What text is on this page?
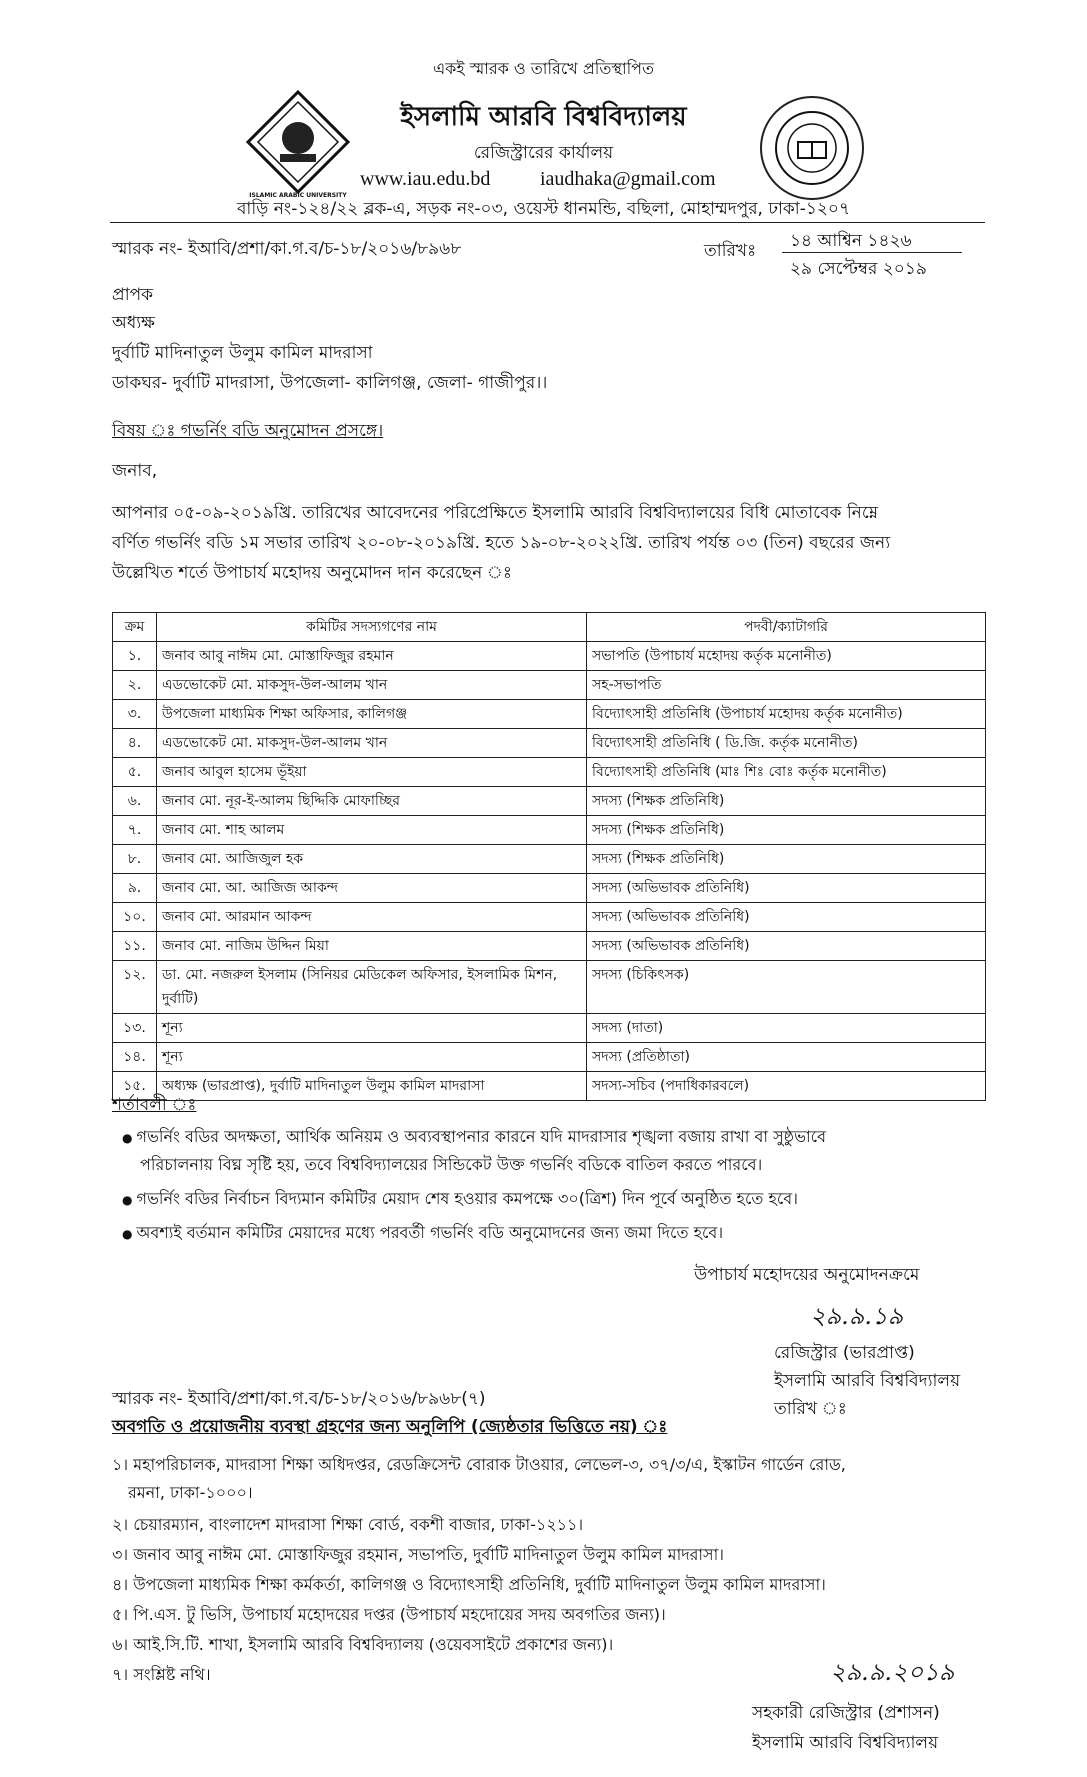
একই স্মারক ও তারিখে প্রতিস্থাপিত
ইসলামি আরবি বিশ্ববিদ্যালয়
রেজিস্ট্রারের কার্যালয়
www.iau.edu.bd iaudhaka@gmail.com
বাড়ি নং-১২৪/২২ ব্লক-এ, সড়ক নং-০৩, ওয়েস্ট ধানমন্ডি, বছিলা, মোহাম্মদপুর, ঢাকা-১২০৭
ISLAMIC ARABIC UNIVERSITY
স্মারক নং- ইআবি/প্রশা/কা.গ.ব/চ-১৮/২০১৬/৮৯৬৮	তারিখঃ ১৪ আশ্বিন ১৪২৬
২৯ সেপ্টেম্বর ২০১৯
প্রাপক
অধ্যক্ষ
দুর্বাটি মাদিনাতুল উলুম কামিল মাদরাসা
ডাকঘর- দুর্বাটি মাদরাসা, উপজেলা- কালিগঞ্জ, জেলা- গাজীপুর।।
বিষয় ঃ গভর্নিং বডি অনুমোদন প্রসঙ্গে।
জনাব,
আপনার ০৫-০৯-২০১৯খ্রি. তারিখের আবেদনের পরিপ্রেক্ষিতে ইসলামি আরবি বিশ্ববিদ্যালয়ের বিধি মোতাবেক নিম্নে
বর্ণিত গভর্নিং বডি ১ম সভার তারিখ ২০-০৮-২০১৯খ্রি. হতে ১৯-০৮-২০২২খ্রি. তারিখ পর্যন্ত ০৩ (তিন) বছরের জন্য
উল্লেখিত শর্তে উপাচার্য মহোদয় অনুমোদন দান করেছেন ঃ
ক্রম	কমিটির সদস্যগণের নাম	পদবী/ক্যাটাগরি
১.	জনাব আবু নাঈম মো. মোস্তাফিজুর রহমান	সভাপতি (উপাচার্য মহোদয় কর্তৃক মনোনীত)
২.	এডভোকেট মো. মাকসুদ-উল-আলম খান	সহ-সভাপতি
৩.	উপজেলা মাধ্যমিক শিক্ষা অফিসার, কালিগঞ্জ	বিদ্যোৎসাহী প্রতিনিধি (উপাচার্য মহোদয় কর্তৃক মনোনীত)
৪.	এডভোকেট মো. মাকসুদ-উল-আলম খান	বিদ্যোৎসাহী প্রতিনিধি ( ডি.জি. কর্তৃক মনোনীত)
৫.	জনাব আবুল হাসেম ভূঁইয়া	বিদ্যোৎসাহী প্রতিনিধি (মাঃ শিঃ বোঃ কর্তৃক মনোনীত)
৬.	জনাব মো. নূর-ই-আলম ছিদ্দিকি মোফাচ্ছির	সদস্য (শিক্ষক প্রতিনিধি)
৭.	জনাব মো. শাহ আলম	সদস্য (শিক্ষক প্রতিনিধি)
৮.	জনাব মো. আজিজুল হক	সদস্য (শিক্ষক প্রতিনিধি)
৯.	জনাব মো. আ. আজিজ আকন্দ	সদস্য (অভিভাবক প্রতিনিধি)
১০.	জনাব মো. আরমান আকন্দ	সদস্য (অভিভাবক প্রতিনিধি)
১১.	জনাব মো. নাজিম উদ্দিন মিয়া	সদস্য (অভিভাবক প্রতিনিধি)
১২.	ডা. মো. নজরুল ইসলাম (সিনিয়র মেডিকেল অফিসার, ইসলামিক মিশন, দুর্বাটি)	সদস্য (চিকিৎসক)
১৩.	শূন্য	সদস্য (দাতা)
১৪.	শূন্য	সদস্য (প্রতিষ্ঠাতা)
১৫.	অধ্যক্ষ (ভারপ্রাপ্ত), দুর্বাটি মাদিনাতুল উলুম কামিল মাদরাসা	সদস্য-সচিব (পদাধিকারবলে)
শর্তাবলী ঃ
● গভর্নিং বডির অদক্ষতা, আর্থিক অনিয়ম ও অব্যবস্থাপনার কারনে যদি মাদরাসার শৃঙ্খলা বজায় রাখা বা সুষ্ঠুভাবে
পরিচালনায় বিঘ্ন সৃষ্টি হয়, তবে বিশ্ববিদ্যালয়ের সিন্ডিকেট উক্ত গভর্নিং বডিকে বাতিল করতে পারবে।
● গভর্নিং বডির নির্বাচন বিদ্যমান কমিটির মেয়াদ শেষ হওয়ার কমপক্ষে ৩০(ত্রিশ) দিন পূর্বে অনুষ্ঠিত হতে হবে।
● অবশ্যই বর্তমান কমিটির মেয়াদের মধ্যে পরবর্তী গভর্নিং বডি অনুমোদনের জন্য জমা দিতে হবে।
উপাচার্য মহোদয়ের অনুমোদনক্রমে
২৯.৯.১৯
রেজিস্ট্রার (ভারপ্রাপ্ত)
ইসলামি আরবি বিশ্ববিদ্যালয়
তারিখ ঃ
স্মারক নং- ইআবি/প্রশা/কা.গ.ব/চ-১৮/২০১৬/৮৯৬৮(৭)
অবগতি ও প্রয়োজনীয় ব্যবস্থা গ্রহণের জন্য অনুলিপি (জ্যেষ্ঠতার ভিত্তিতে নয়) ঃ
১। মহাপরিচালক, মাদরাসা শিক্ষা অধিদপ্তর, রেডক্রিসেন্ট বোরাক টাওয়ার, লেভেল-৩, ৩৭/৩/এ, ইস্কাটন গার্ডেন রোড,
রমনা, ঢাকা-১০০০।
২। চেয়ারম্যান, বাংলাদেশ মাদরাসা শিক্ষা বোর্ড, বকশী বাজার, ঢাকা-১২১১।
৩। জনাব আবু নাঈম মো. মোস্তাফিজুর রহমান, সভাপতি, দুর্বাটি মাদিনাতুল উলুম কামিল মাদরাসা।
৪। উপজেলা মাধ্যমিক শিক্ষা কর্মকর্তা, কালিগঞ্জ ও বিদ্যোৎসাহী প্রতিনিধি, দুর্বাটি মাদিনাতুল উলুম কামিল মাদরাসা।
৫। পি.এস. টু ভিসি, উপাচার্য মহোদয়ের দপ্তর (উপাচার্য মহদোয়ের সদয় অবগতির জন্য)।
৬। আই.সি.টি. শাখা, ইসলামি আরবি বিশ্ববিদ্যালয় (ওয়েবসাইটে প্রকাশের জন্য)।
৭। সংশ্লিষ্ট নথি।	২৯.৯.২০১৯
সহকারী রেজিস্ট্রার (প্রশাসন)
ইসলামি আরবি বিশ্ববিদ্যালয়
